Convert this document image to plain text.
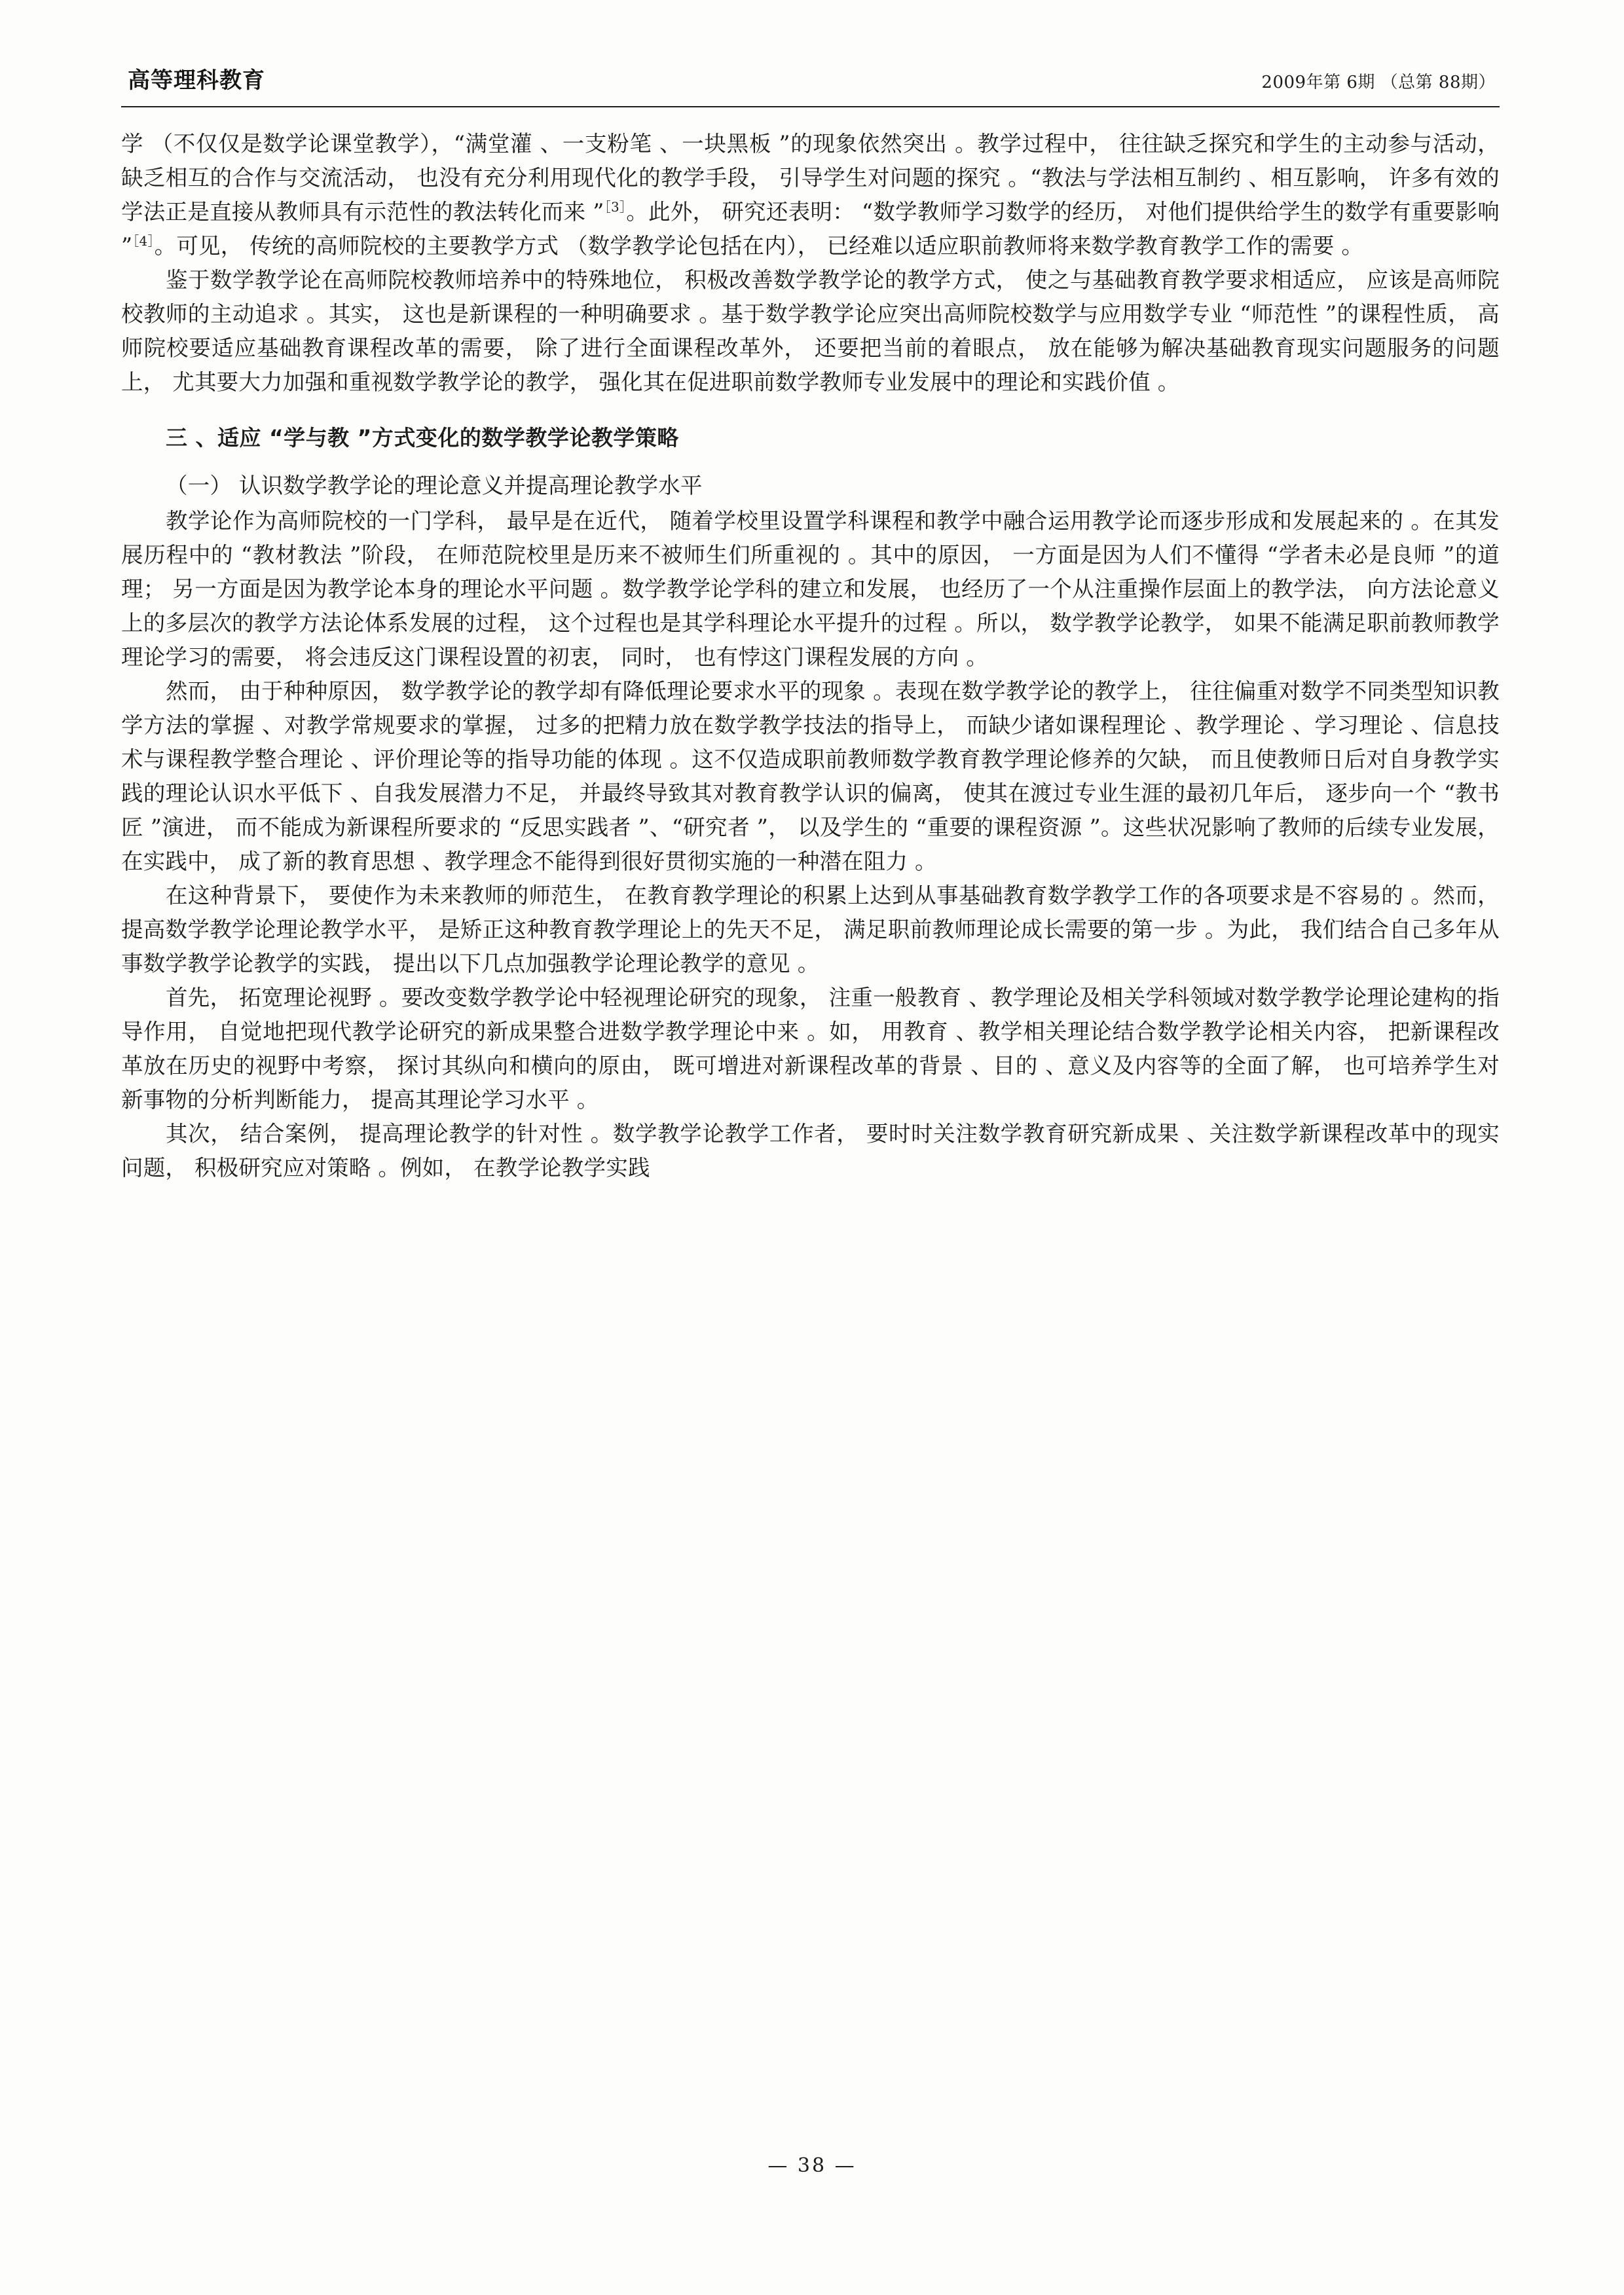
高等理科教育	2009年第 6期 （总第 88期）

学 （不仅仅是数学论课堂教学），“满堂灌 、一支粉笔 、一块黑板 ”的现象依然突出 。教学过程中， 往往缺乏探究和学生的主动参与活动， 缺乏相互的合作与交流活动， 也没有充分利用现代化的教学手段， 引导学生对问题的探究 。“教法与学法相互制约 、相互影响， 许多有效的学法正是直接从教师具有示范性的教法转化而来 ”$^{[3]}$。此外， 研究还表明： “数学教师学习数学的经历， 对他们提供给学生的数学有重要影响 ”$^{[4]}$。可见， 传统的高师院校的主要教学方式 （数学教学论包括在内）， 已经难以适应职前教师将来数学教育教学工作的需要 。

鉴于数学教学论在高师院校教师培养中的特殊地位， 积极改善数学教学论的教学方式， 使之与基础教育教学要求相适应， 应该是高师院校教师的主动追求 。其实， 这也是新课程的一种明确要求 。基于数学教学论应突出高师院校数学与应用数学专业 “师范性 ”的课程性质， 高师院校要适应基础教育课程改革的需要， 除了进行全面课程改革外， 还要把当前的着眼点， 放在能够为解决基础教育现实问题服务的问题上， 尤其要大力加强和重视数学教学论的教学， 强化其在促进职前数学教师专业发展中的理论和实践价值 。

三 、适应 “学与教 ”方式变化的数学教学论教学策略

（一） 认识数学教学论的理论意义并提高理论教学水平

教学论作为高师院校的一门学科， 最早是在近代， 随着学校里设置学科课程和教学中融合运用教学论而逐步形成和发展起来的 。在其发展历程中的 “教材教法 ”阶段， 在师范院校里是历来不被师生们所重视的 。其中的原因， 一方面是因为人们不懂得 “学者未必是良师 ”的道理； 另一方面是因为教学论本身的理论水平问题 。数学教学论学科的建立和发展， 也经历了一个从注重操作层面上的教学法， 向方法论意义上的多层次的教学方法论体系发展的过程， 这个过程也是其学科理论水平提升的过程 。所以， 数学教学论教学， 如果不能满足职前教师教学理论学习的需要， 将会违反这门课程设置的初衷， 同时， 也有悖这门课程发展的方向 。

然而， 由于种种原因， 数学教学论的教学却有降低理论要求水平的现象 。表现在数学教学论的教学上， 往往偏重对数学不同类型知识教学方法的掌握 、对教学常规要求的掌握， 过多的把精力放在数学教学技法的指导上， 而缺少诸如课程理论 、教学理论 、学习理论 、信息技术与课程教学整合理论 、评价理论等的指导功能的体现 。这不仅造成职前教师数学教育教学理论修养的欠缺， 而且使教师日后对自身教学实践的理论认识水平低下 、自我发展潜力不足， 并最终导致其对教育教学认识的偏离， 使其在渡过专业生涯的最初几年后， 逐步向一个 “教书匠 ”演进， 而不能成为新课程所要求的 “反思实践者 ”、“研究者 ”， 以及学生的 “重要的课程资源 ”。这些状况影响了教师的后续专业发展， 在实践中， 成了新的教育思想 、教学理念不能得到很好贯彻实施的一种潜在阻力 。

在这种背景下， 要使作为未来教师的师范生， 在教育教学理论的积累上达到从事基础教育数学教学工作的各项要求是不容易的 。然而， 提高数学教学论理论教学水平， 是矫正这种教育教学理论上的先天不足， 满足职前教师理论成长需要的第一步 。为此， 我们结合自己多年从事数学教学论教学的实践， 提出以下几点加强教学论理论教学的意见 。

首先， 拓宽理论视野 。要改变数学教学论中轻视理论研究的现象， 注重一般教育 、教学理论及相关学科领域对数学教学论理论建构的指导作用， 自觉地把现代教学论研究的新成果整合进数学教学理论中来 。如， 用教育 、教学相关理论结合数学教学论相关内容， 把新课程改革放在历史的视野中考察， 探讨其纵向和横向的原由， 既可增进对新课程改革的背景 、目的 、意义及内容等的全面了解， 也可培养学生对新事物的分析判断能力， 提高其理论学习水平 。

其次， 结合案例， 提高理论教学的针对性 。数学教学论教学工作者， 要时时关注数学教育研究新成果 、关注数学新课程改革中的现实问题， 积极研究应对策略 。例如， 在教学论教学实践

— 38 —
